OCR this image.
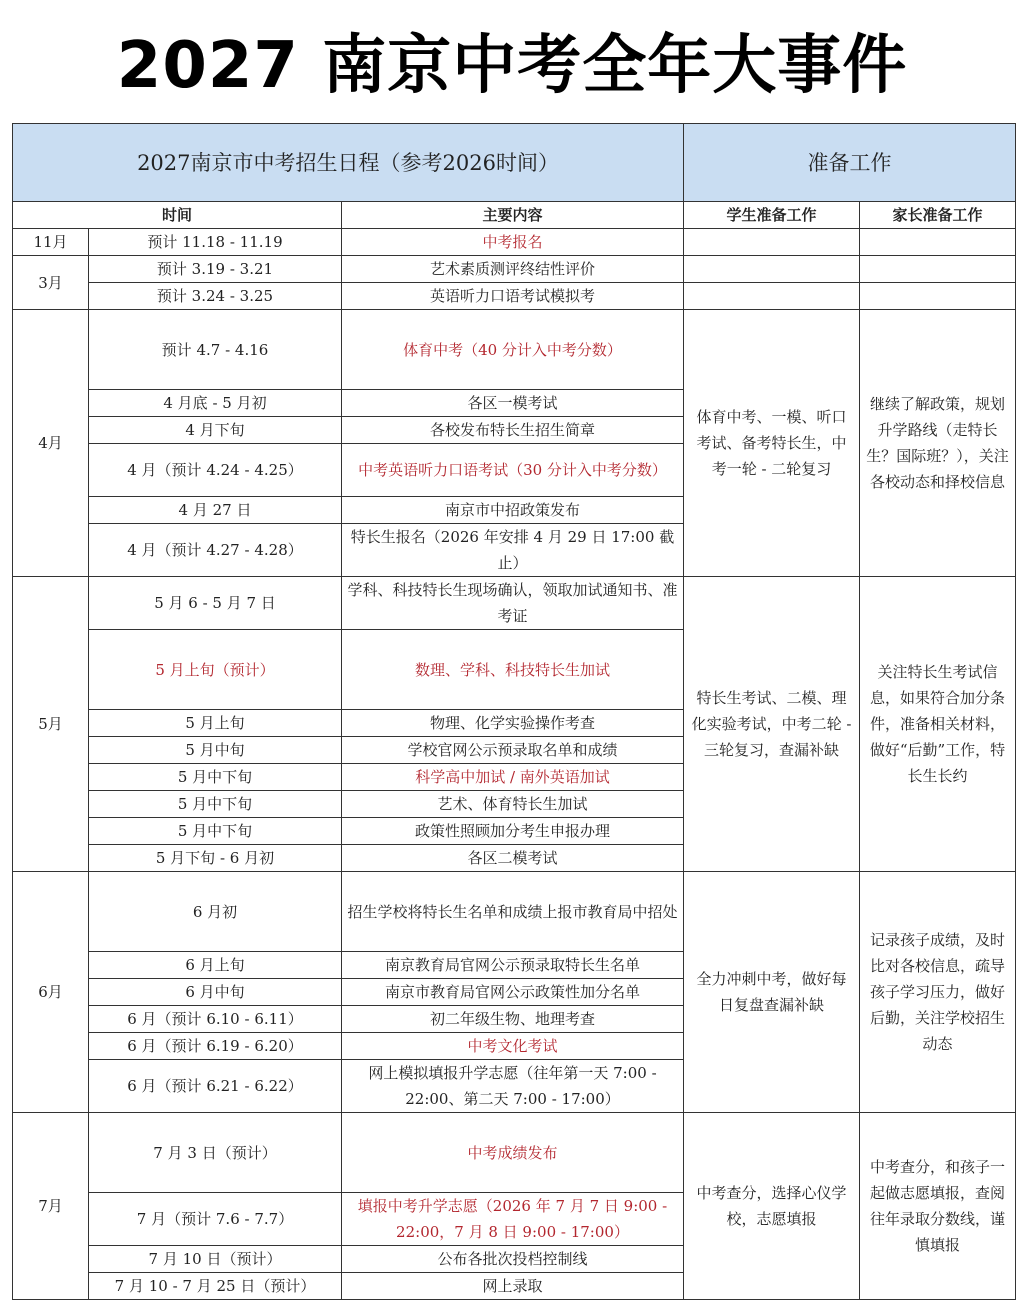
2027 南京中考全年大事件
2027南京市中考招生日程（参考2026时间）			准备工作	
时间		主要内容	学生准备工作	家长准备工作
11月	预计 11.18 - 11.19	中考报名		
3月	预计 3.19 - 3.21	艺术素质测评终结性评价		
	预计 3.24 - 3.25	英语听力口语考试模拟考		
4月	预计 4.7 - 4.16	体育中考（40 分计入中考分数）	体育中考、一模、听口考试、备考特长生，中考一轮 - 二轮复习	继续了解政策，规划升学路线（走特长生？国际班？），关注各校动态和择校信息
	4 月底 - 5 月初	各区一模考试		
	4 月下旬	各校发布特长生招生简章		
	4 月（预计 4.24 - 4.25）	中考英语听力口语考试（30 分计入中考分数）		
	4 月 27 日	南京市中招政策发布		
	4 月（预计 4.27 - 4.28）	特长生报名（2026 年安排 4 月 29 日 17:00 截止）		
5月	5 月 6 - 5 月 7 日	学科、科技特长生现场确认，领取加试通知书、准考证	特长生考试、二模、理化实验考试，中考二轮 - 三轮复习，查漏补缺	关注特长生考试信息，如果符合加分条件，准备相关材料，做好“后勤”工作，特长生长约
	5 月上旬（预计）	数理、学科、科技特长生加试		
	5 月上旬	物理、化学实验操作考查		
	5 月中旬	学校官网公示预录取名单和成绩		
	5 月中下旬	科学高中加试 / 南外英语加试		
	5 月中下旬	艺术、体育特长生加试		
	5 月中下旬	政策性照顾加分考生申报办理		
	5 月下旬 - 6 月初	各区二模考试		
6月	6 月初	招生学校将特长生名单和成绩上报市教育局中招处	全力冲刺中考，做好每日复盘查漏补缺	记录孩子成绩，及时比对各校信息，疏导孩子学习压力，做好后勤，关注学校招生动态
	6 月上旬	南京教育局官网公示预录取特长生名单		
	6 月中旬	南京市教育局官网公示政策性加分名单		
	6 月（预计 6.10 - 6.11）	初二年级生物、地理考查		
	6 月（预计 6.19 - 6.20）	中考文化考试		
	6 月（预计 6.21 - 6.22）	网上模拟填报升学志愿（往年第一天 7:00 - 22:00、第二天 7:00 - 17:00）		
7月	7 月 3 日（预计）	中考成绩发布	中考查分，选择心仪学校，志愿填报	中考查分，和孩子一起做志愿填报，查阅往年录取分数线，谨慎填报
	7 月（预计 7.6 - 7.7）	填报中考升学志愿（2026 年 7 月 7 日 9:00 - 22:00，7 月 8 日 9:00 - 17:00）		
	7 月 10 日（预计）	公布各批次投档控制线		
	7 月 10 - 7 月 25 日（预计）	网上录取		
